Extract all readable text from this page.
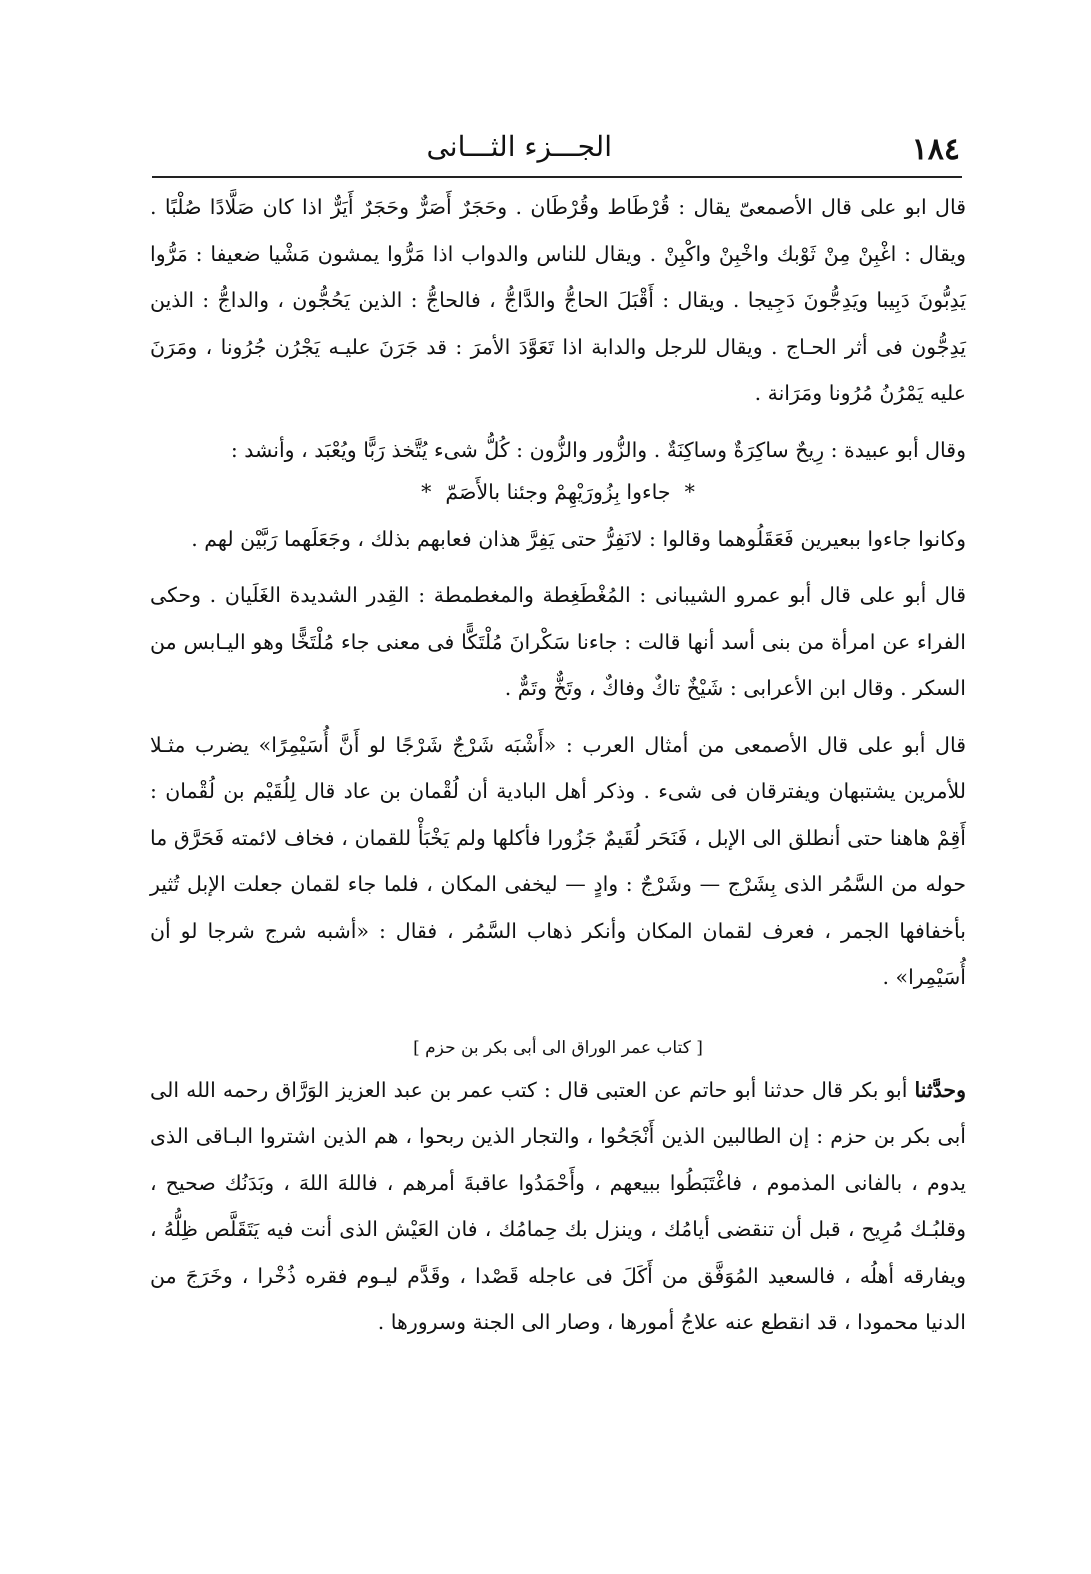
١٨٤
الجـــزء الثـــانى

قال ابو على قال الأصمعىّ يقال : قُرْطَاط وقُرْطَان . وحَجَرٌ أَصَرٌّ وحَجَرٌ أَيَرٌّ اذا كان صَلَّادًا صُلْبًا . ويقال : اغْبِنْ مِنْ ثَوْبك واخْبِنْ واكْبِنْ . ويقال للناس والدواب اذا مَرُّوا يمشون مَشْيا ضعيفا : مَرُّوا يَدِبُّونَ دَبِيبا ويَدِجُّونَ دَجِيجا . ويقال : أَقْبَلَ الحاجُّ والدَّاجُّ ، فالحاجُّ : الذين يَحُجُّون ، والداجُّ : الذين يَدِجُّون فى أثر الحـاج . ويقال للرجل والدابة اذا تَعَوَّدَ الأمرَ : قد جَرَنَ عليـه يَجْرُن جُرُونا ، ومَرَنَ عليه يَمْرُنُ مُرُونا ومَرَانة .

وقال أبو عبيدة : رِيحٌ ساكِرَةٌ وساكِنَةٌ . والزُّور والزُّون : كُلُّ شىء يُتَّخذ رَبًّا ويُعْبَد ، وأنشد :

*جاءوا بِزُورَيْهِمْ وجئنا بالأَصَمّ*

وكانوا جاءوا ببعيرين فَعَقَلُوهما وقالوا : لانَفِرُّ حتى يَفِرَّ هذان فعابهم بذلك ، وجَعَلَهما رَبَّيْن لهم .

قال أبو على قال أبو عمرو الشيبانى : المُغْطَغِطة والمغطمطة : القِدر الشديدة الغَلَيان . وحكى الفراء عن امرأة من بنى أسد أنها قالت : جاءنا سَكْرانَ مُلْتَكًّا فى معنى جاء مُلْتَخًّا وهو اليـابس من السكر . وقال ابن الأعرابى : شَيْخٌ تاكٌ وفاكٌ ، وتَخٌّ وتَمٌّ .

قال أبو على قال الأصمعى من أمثال العرب : «أَشْبَه شَرْجٌ شَرْجًا لو أَنَّ أُسَيْمِرًا» يضرب مثـلا للأمرين يشتبهان ويفترقان فى شىء . وذكر أهل البادية أن لُقْمان بن عاد قال لِلُقَيْم بن لُقْمان : أَقِمْ هاهنا حتى أنطلق الى الإبل ، فَنَحَر لُقَيمٌ جَزُورا فأكلها ولم يَخْبَأْ للقمان ، فخاف لائمته فَحَرَّق ما حوله من السَّمُر الذى بِشَرْج — وشَرْجٌ : وادٍ — ليخفى المكان ، فلما جاء لقمان جعلت الإبل تُثير بأخفافها الجمر ، فعرف لقمان المكان وأنكر ذهاب السَّمُر ، فقال : «أشبه شرج شرجا لو أن أُسَيْمِرا» .

[ كتاب عمر الوراق الى أبى بكر بن حزم ]

وحدَّثنا أبو بكر قال حدثنا أبو حاتم عن العتبى قال : كتب عمر بن عبد العزيز الوَرَّاق رحمه الله الى أبى بكر بن حزم : إن الطالبين الذين أَنْجَحُوا ، والتجار الذين ربحوا ، هم الذين اشتروا البـاقى الذى يدوم ، بالفانى المذموم ، فاغْتَبَطُوا ببيعهم ، وأَحْمَدُوا عاقبةَ أمرهم ، فاللهَ اللهَ ، وبَدَنُك صحيح ، وقلبُـك مُرِيح ، قبل أن تنقضى أيامُك ، وينزل بك حِمامُك ، فان العَيْش الذى أنت فيه يَتَقَلَّص ظِلُّهُ ، ويفارقه أهلُه ، فالسعيد المُوَفَّق من أَكَلَ فى عاجله قَصْدا ، وقَدَّم ليـوم فقره ذُخْرا ، وخَرَجَ من الدنيا محمودا ، قد انقطع عنه علاجُ أمورها ، وصار الى الجنة وسرورها .
